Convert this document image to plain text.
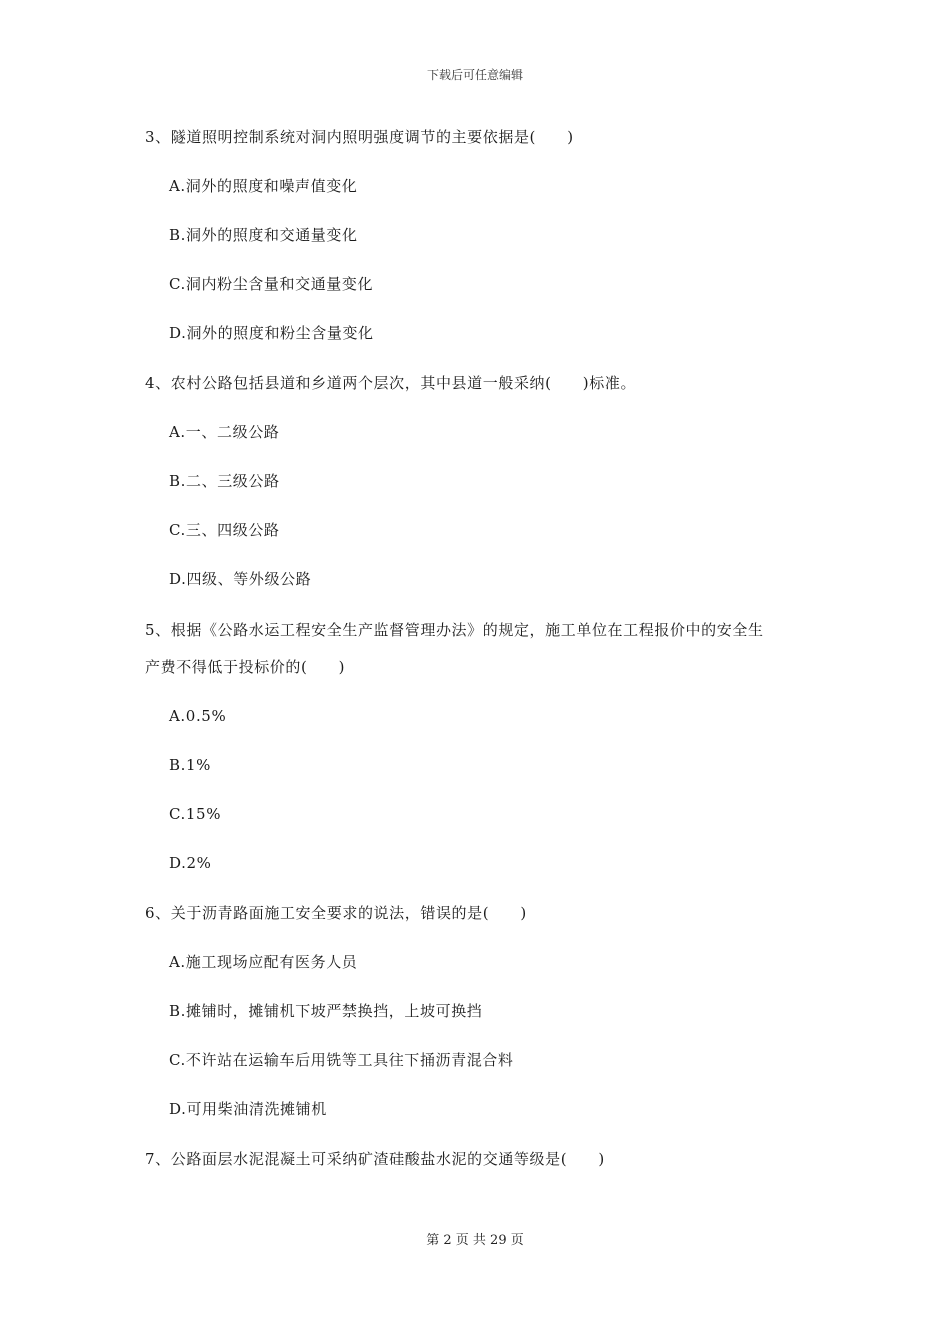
下载后可任意编辑
3、隧道照明控制系统对洞内照明强度调节的主要依据是(　　)
A.洞外的照度和噪声值变化
B.洞外的照度和交通量变化
C.洞内粉尘含量和交通量变化
D.洞外的照度和粉尘含量变化
4、农村公路包括县道和乡道两个层次，其中县道一般采纳(　　)标准。
A.一、二级公路
B.二、三级公路
C.三、四级公路
D.四级、等外级公路
5、根据《公路水运工程安全生产监督管理办法》的规定，施工单位在工程报价中的安全生
产费不得低于投标价的(　　)
A.0.5%
B.1%
C.15%
D.2%
6、关于沥青路面施工安全要求的说法，错误的是(　　)
A.施工现场应配有医务人员
B.摊铺时，摊铺机下坡严禁换挡，上坡可换挡
C.不许站在运输车后用铣等工具往下捅沥青混合料
D.可用柴油清洗摊铺机
7、公路面层水泥混凝土可采纳矿渣硅酸盐水泥的交通等级是(　　)
第 2 页 共 29 页
